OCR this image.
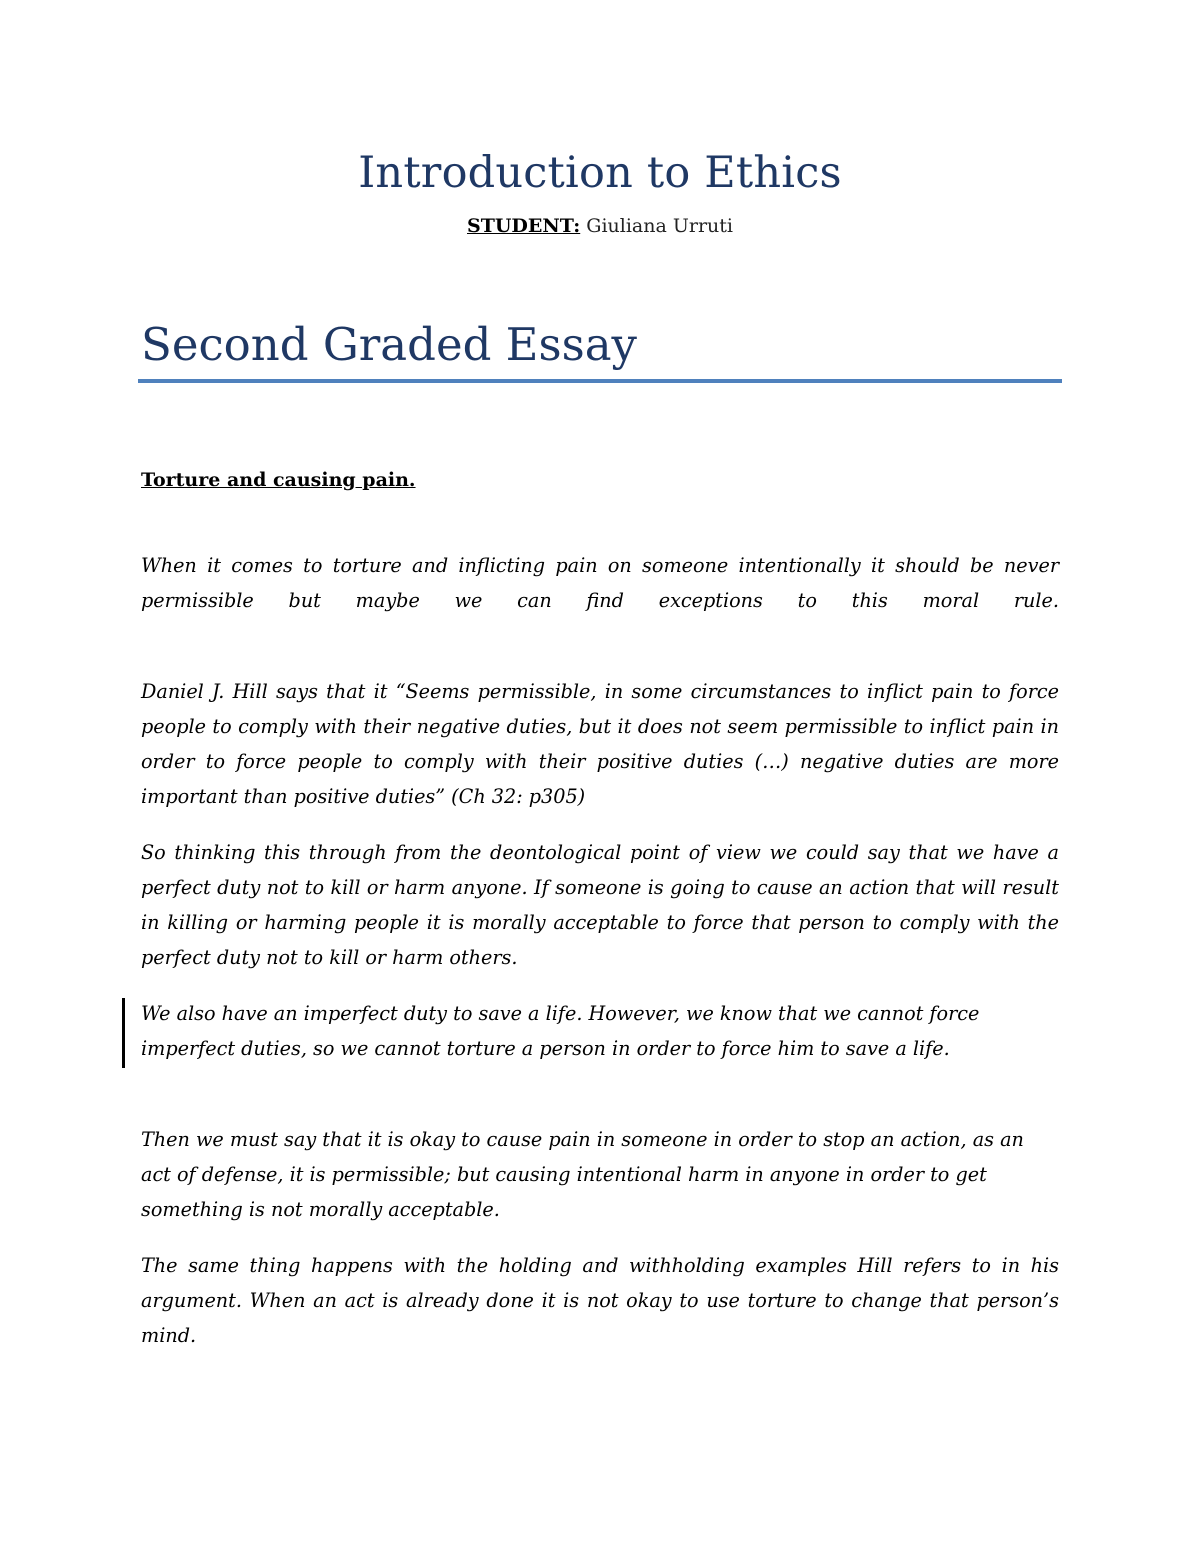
Introduction to Ethics
STUDENT: Giuliana Urruti
Second Graded Essay
Torture and causing pain.

When it comes to torture and inflicting pain on someone intentionally it should be never permissible but maybe we can find exceptions to this moral rule.

Daniel J. Hill says that it “Seems permissible, in some circumstances to inflict pain to force people to comply with their negative duties, but it does not seem permissible to inflict pain in order to force people to comply with their positive duties (…) negative duties are more important than positive duties” (Ch 32: p305)

So thinking this through from the deontological point of view we could say that we have a perfect duty not to kill or harm anyone. If someone is going to cause an action that will result in killing or harming people it is morally acceptable to force that person to comply with the perfect duty not to kill or harm others.

We also have an imperfect duty to save a life. However, we know that we cannot force imperfect duties, so we cannot torture a person in order to force him to save a life.

Then we must say that it is okay to cause pain in someone in order to stop an action, as an act of defense, it is permissible; but causing intentional harm in anyone in order to get something is not morally acceptable.

The same thing happens with the holding and withholding examples Hill refers to in his argument. When an act is already done it is not okay to use torture to change that person’s mind.
